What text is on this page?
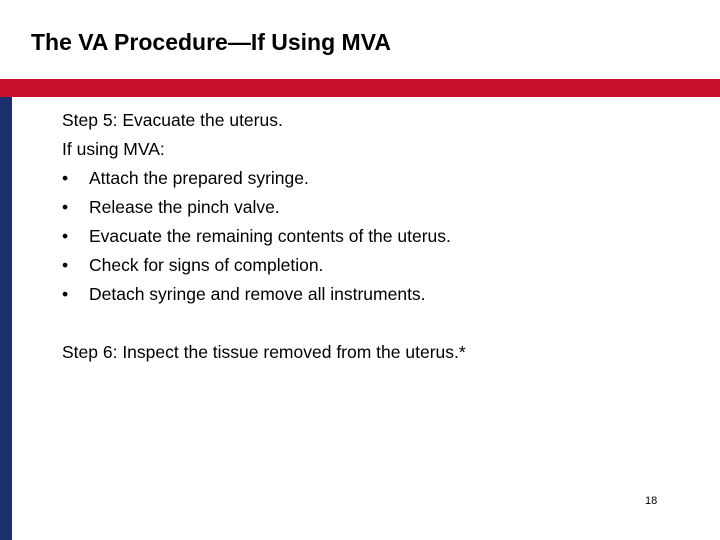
The VA Procedure—If Using MVA

Step 5: Evacuate the uterus.

If using MVA:

• Attach the prepared syringe.
• Release the pinch valve.
• Evacuate the remaining contents of the uterus.
• Check for signs of completion.
• Detach syringe and remove all instruments.

Step 6: Inspect the tissue removed from the uterus.*

18
